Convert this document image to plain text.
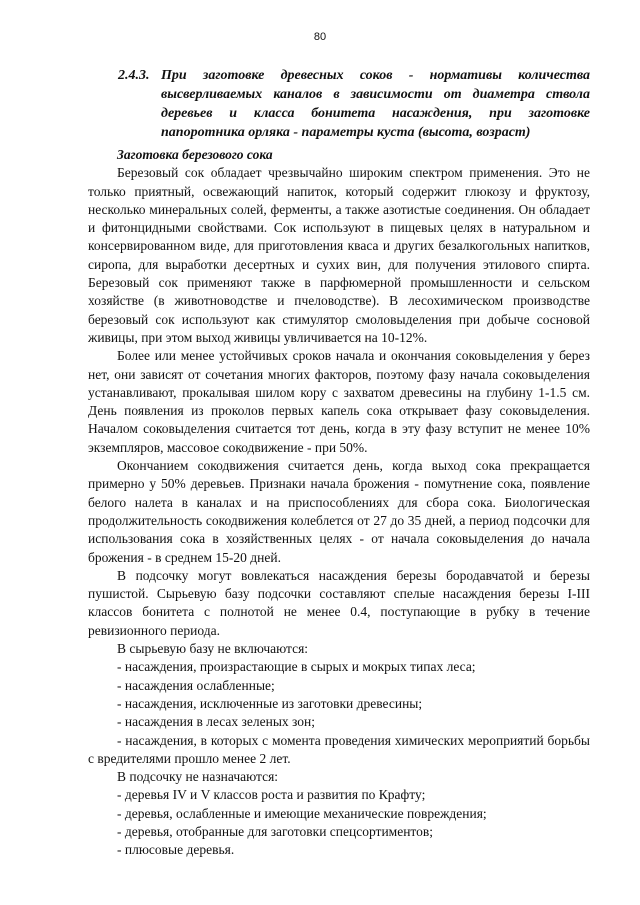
80
2.4.3. При заготовке древесных соков - нормативы количества
высверливаемых каналов в зависимости от диаметра ствола
деревьев и класса бонитета насаждения, при заготовке
папоротника орляка - параметры куста (высота, возраст)
Заготовка березового сока

Березовый сок обладает чрезвычайно широким спектром применения. Это не только приятный, освежающий напиток, который содержит глюкозу и фруктозу, несколько минеральных солей, ферменты, а также азотистые соединения. Он обладает и фитонцидными свойствами. Сок используют в пищевых целях в натуральном и консервированном виде, для приготовления кваса и других безалкогольных напитков, сиропа, для выработки десертных и сухих вин, для получения этилового спирта. Березовый сок применяют также в парфюмерной промышленности и сельском хозяйстве (в животноводстве и пчеловодстве). В лесохимическом производстве березовый сок используют как стимулятор смоловыделения при добыче сосновой живицы, при этом выход живицы увличивается на 10-12%.

Более или менее устойчивых сроков начала и окончания соковыделения у берез нет, они зависят от сочетания многих факторов, поэтому фазу начала соковыделения устанавливают, прокалывая шилом кору с захватом древесины на глубину 1-1.5 см. День появления из проколов первых капель сока открывает фазу соковыделения. Началом соковыделения считается тот день, когда в эту фазу вступит не менее 10% экземпляров, массовое сокодвижение - при 50%.

Окончанием сокодвижения считается день, когда выход сока прекращается примерно у 50% деревьев. Признаки начала брожения - помутнение сока, появление белого налета в каналах и на приспособлениях для сбора сока. Биологическая продолжительность сокодвижения колеблется от 27 до 35 дней, а период подсочки для использования сока в хозяйственных целях - от начала соковыделения до начала брожения - в среднем 15-20 дней.

В подсочку могут вовлекаться насаждения березы бородавчатой и березы пушистой. Сырьевую базу подсочки составляют спелые насаждения березы I-III классов бонитета с полнотой не менее 0.4, поступающие в рубку в течение ревизионного периода.

В сырьевую базу не включаются:

- насаждения, произрастающие в сырых и мокрых типах леса;
- насаждения ослабленные;
- насаждения, исключенные из заготовки древесины;
- насаждения в лесах зеленых зон;
- насаждения, в которых с момента проведения химических мероприятий борьбы с вредителями прошло менее 2 лет.

В подсочку не назначаются:

- деревья IV и V классов роста и развития по Крафту;
- деревья, ослабленные и имеющие механические повреждения;
- деревья, отобранные для заготовки спецсортиментов;
- плюсовые деревья.
